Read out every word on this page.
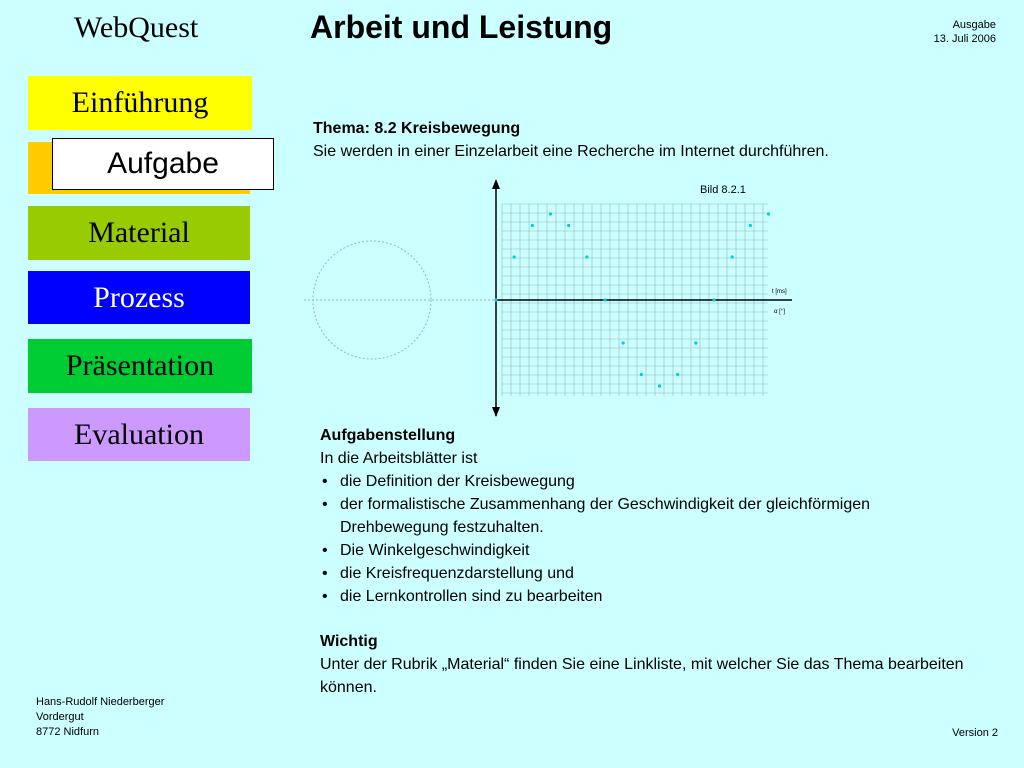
WebQuest	Arbeit und Leistung	Ausgabe
13. Juli 2006
Einführung
Aufgabe
Material
Prozess
Präsentation
Evaluation
Thema: 8.2 Kreisbewegung
Sie werden in einer Einzelarbeit eine Recherche im Internet durchführen.
Bild 8.2.1
t [ms]
α [°]
Aufgabenstellung
In die Arbeitsblätter ist
• die Definition der Kreisbewegung
• der formalistische Zusammenhang der Geschwindigkeit der gleichförmigen Drehbewegung festzuhalten.
• Die Winkelgeschwindigkeit
• die Kreisfrequenzdarstellung und
• die Lernkontrollen sind zu bearbeiten
Wichtig
Unter der Rubrik „Material“ finden Sie eine Linkliste, mit welcher Sie das Thema bearbeiten können.
Hans-Rudolf Niederberger
Vordergut
8772 Nidfurn	Version 2
